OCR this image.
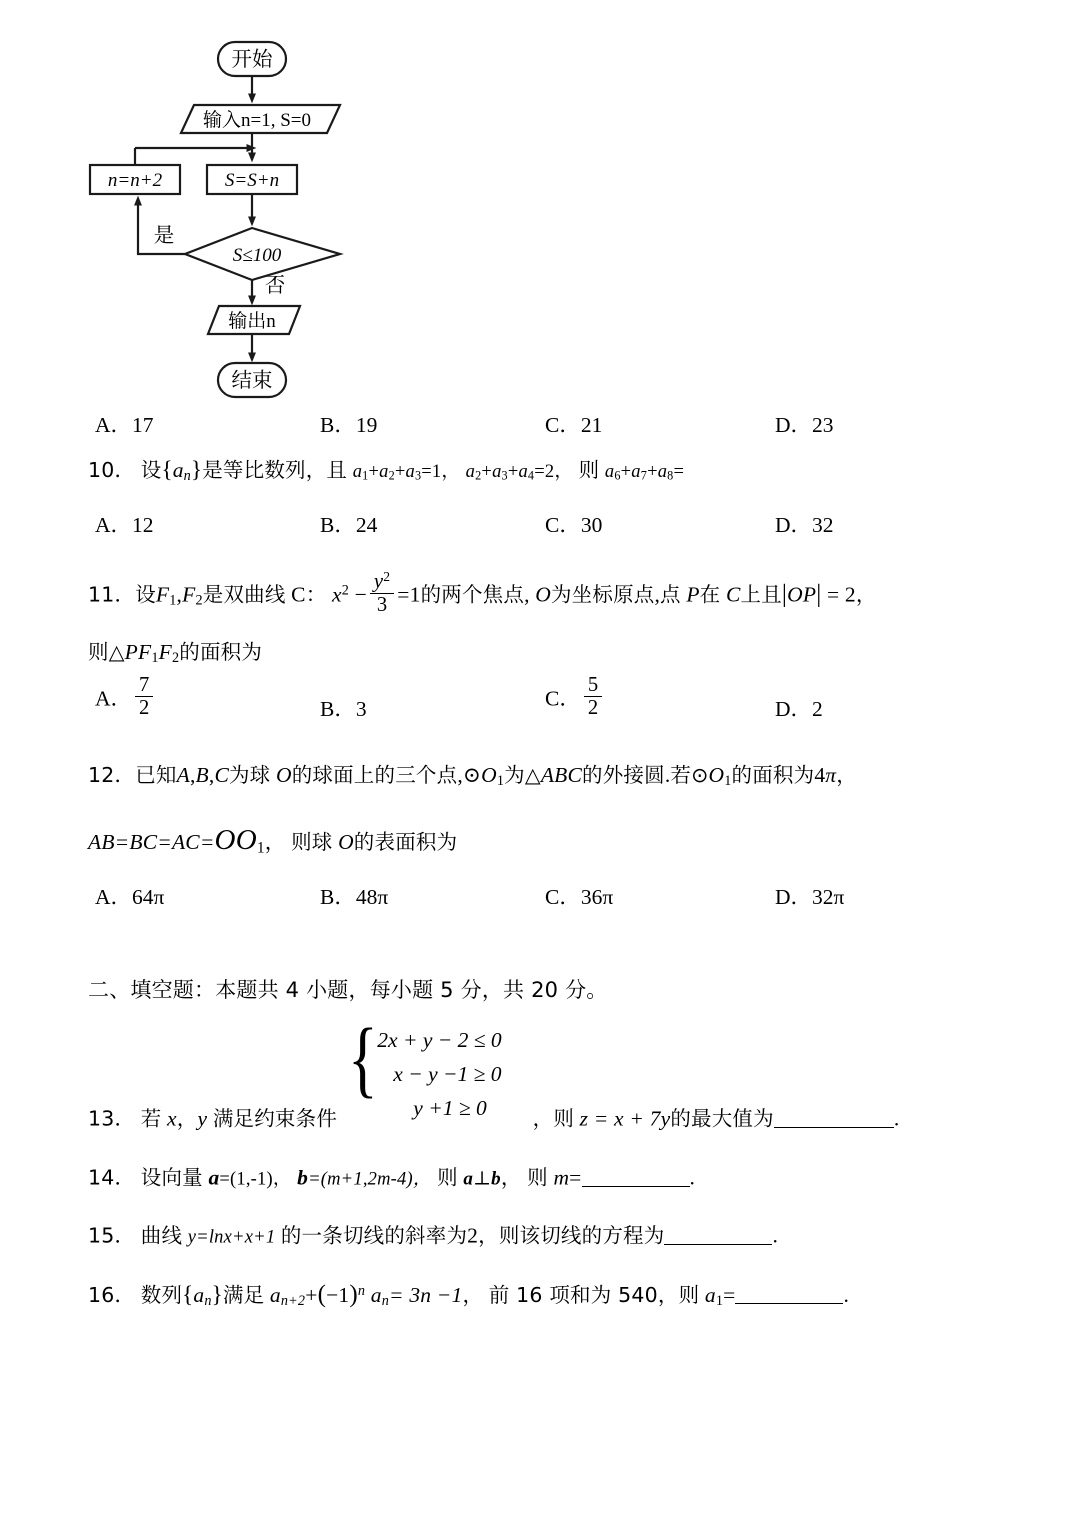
开始
输入n=1, S=0
n=n+2	S=S+n
S≤100
是
否
输出n
结束
A．17	B．19	C．21	D．23
10． 设$\{a_n\}$是等比数列，且 $a_1+a_2+a_3=1$， $a_2+a_3+a_4=2$， 则 $a_6+a_7+a_8=$
A．12	B．24	C．30	D．32
11．设$F_1,F_2$是双曲线 C： $x^2 - \frac{y^2}{3} =1$的两个焦点, O为坐标原点,点 P在 C上且|OP| = 2，
则$\triangle PF_1F_2$的面积为
A． $\frac{7}{2}$	B．3	C． $\frac{5}{2}$	D．2
12．已知A,B,C为球 O的球面上的三个点$,⊙O_1$为△ABC的外接圆.若$⊙O_1$的面积为4π，
$AB=BC=AC=OO_1$， 则球 O的表面积为
A．64π	B．48π	C．36π	D．32π
二、填空题：本题共 4 小题，每小题 5 分，共 20 分。
{ 2x + y − 2 ≤ 0
x − y −1 ≥ 0
y +1 ≥ 0
13． 若 x，y 满足约束条件	，则 z = x + 7y的最大值为	.
14． 设向量 a=(1,-1)， b=(m+1,2m-4)， 则 a⊥b， 则 m=	.
15． 曲线 y=lnx+x+1 的一条切线的斜率为2，则该切线的方程为	.
16． 数列$\{a_n\}$满足 $a_{n+2}+(-1)^n$ $a_n= 3n -1$， 前 16 项和为 540，则 $a_1=$	.
